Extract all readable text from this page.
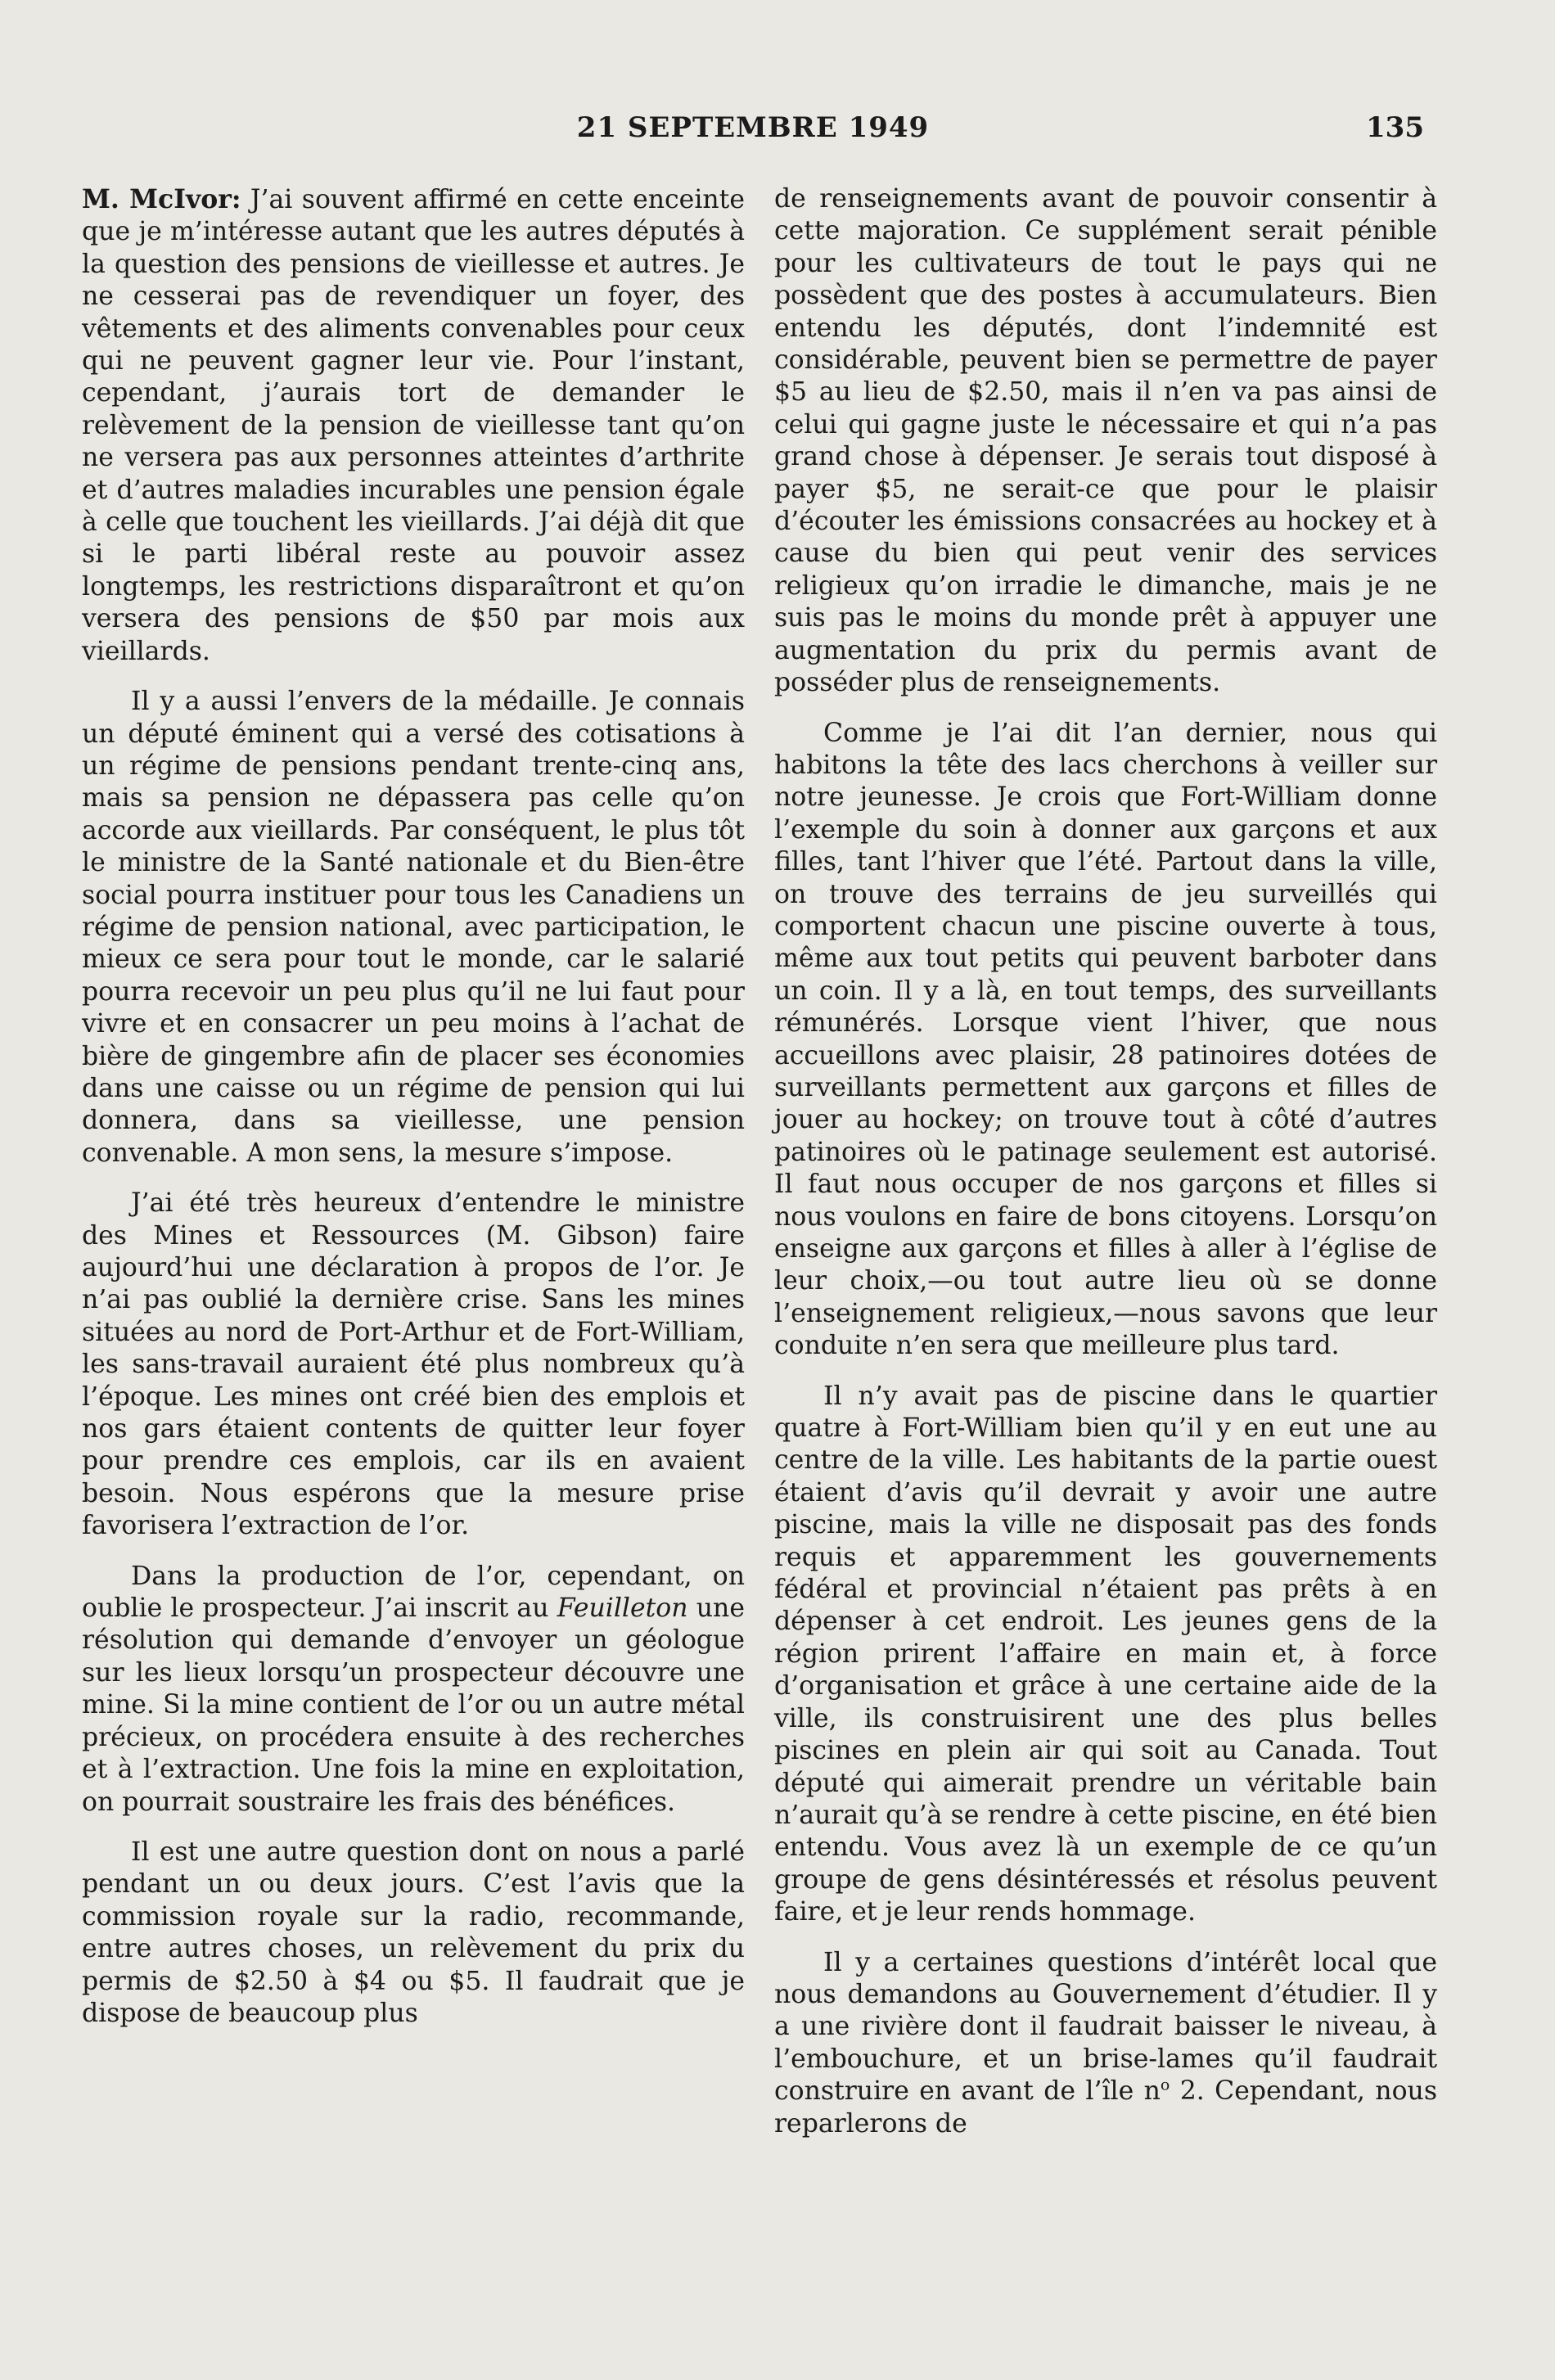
21 SEPTEMBRE 1949	135

M. McIvor: J’ai souvent affirmé en cette enceinte que je m’intéresse autant que les autres députés à la question des pensions de vieillesse et autres. Je ne cesserai pas de revendiquer un foyer, des vêtements et des aliments convenables pour ceux qui ne peuvent gagner leur vie. Pour l’instant, cependant, j’aurais tort de demander le relèvement de la pension de vieillesse tant qu’on ne versera pas aux personnes atteintes d’arthrite et d’autres maladies incurables une pension égale à celle que touchent les vieillards. J’ai déjà dit que si le parti libéral reste au pouvoir assez longtemps, les restrictions disparaîtront et qu’on versera des pensions de $50 par mois aux vieillards.

Il y a aussi l’envers de la médaille. Je connais un député éminent qui a versé des cotisations à un régime de pensions pendant trente-cinq ans, mais sa pension ne dépassera pas celle qu’on accorde aux vieillards. Par conséquent, le plus tôt le ministre de la Santé nationale et du Bien-être social pourra instituer pour tous les Canadiens un régime de pension national, avec participation, le mieux ce sera pour tout le monde, car le salarié pourra recevoir un peu plus qu’il ne lui faut pour vivre et en consacrer un peu moins à l’achat de bière de gingembre afin de placer ses économies dans une caisse ou un régime de pension qui lui donnera, dans sa vieillesse, une pension convenable. A mon sens, la mesure s’impose.

J’ai été très heureux d’entendre le ministre des Mines et Ressources (M. Gibson) faire aujourd’hui une déclaration à propos de l’or. Je n’ai pas oublié la dernière crise. Sans les mines situées au nord de Port-Arthur et de Fort-William, les sans-travail auraient été plus nombreux qu’à l’époque. Les mines ont créé bien des emplois et nos gars étaient contents de quitter leur foyer pour prendre ces emplois, car ils en avaient besoin. Nous espérons que la mesure prise favorisera l’extraction de l’or.

Dans la production de l’or, cependant, on oublie le prospecteur. J’ai inscrit au Feuilleton une résolution qui demande d’envoyer un géologue sur les lieux lorsqu’un prospecteur découvre une mine. Si la mine contient de l’or ou un autre métal précieux, on procédera ensuite à des recherches et à l’extraction. Une fois la mine en exploitation, on pourrait soustraire les frais des bénéfices.

Il est une autre question dont on nous a parlé pendant un ou deux jours. C’est l’avis que la commission royale sur la radio, recommande, entre autres choses, un relèvement du prix du permis de $2.50 à $4 ou $5. Il faudrait que je dispose de beaucoup plus

de renseignements avant de pouvoir consentir à cette majoration. Ce supplément serait pénible pour les cultivateurs de tout le pays qui ne possèdent que des postes à accumulateurs. Bien entendu les députés, dont l’indemnité est considérable, peuvent bien se permettre de payer $5 au lieu de $2.50, mais il n’en va pas ainsi de celui qui gagne juste le nécessaire et qui n’a pas grand chose à dépenser. Je serais tout disposé à payer $5, ne serait-ce que pour le plaisir d’écouter les émissions consacrées au hockey et à cause du bien qui peut venir des services religieux qu’on irradie le dimanche, mais je ne suis pas le moins du monde prêt à appuyer une augmentation du prix du permis avant de posséder plus de renseignements.

Comme je l’ai dit l’an dernier, nous qui habitons la tête des lacs cherchons à veiller sur notre jeunesse. Je crois que Fort-William donne l’exemple du soin à donner aux garçons et aux filles, tant l’hiver que l’été. Partout dans la ville, on trouve des terrains de jeu surveillés qui comportent chacun une piscine ouverte à tous, même aux tout petits qui peuvent barboter dans un coin. Il y a là, en tout temps, des surveillants rémunérés. Lorsque vient l’hiver, que nous accueillons avec plaisir, 28 patinoires dotées de surveillants permettent aux garçons et filles de jouer au hockey; on trouve tout à côté d’autres patinoires où le patinage seulement est autorisé. Il faut nous occuper de nos garçons et filles si nous voulons en faire de bons citoyens. Lorsqu’on enseigne aux garçons et filles à aller à l’église de leur choix,—ou tout autre lieu où se donne l’enseignement religieux,—nous savons que leur conduite n’en sera que meilleure plus tard.

Il n’y avait pas de piscine dans le quartier quatre à Fort-William bien qu’il y en eut une au centre de la ville. Les habitants de la partie ouest étaient d’avis qu’il devrait y avoir une autre piscine, mais la ville ne disposait pas des fonds requis et apparemment les gouvernements fédéral et provincial n’étaient pas prêts à en dépenser à cet endroit. Les jeunes gens de la région prirent l’affaire en main et, à force d’organisation et grâce à une certaine aide de la ville, ils construisirent une des plus belles piscines en plein air qui soit au Canada. Tout député qui aimerait prendre un véritable bain n’aurait qu’à se rendre à cette piscine, en été bien entendu. Vous avez là un exemple de ce qu’un groupe de gens désintéressés et résolus peuvent faire, et je leur rends hommage.

Il y a certaines questions d’intérêt local que nous demandons au Gouvernement d’étudier. Il y a une rivière dont il faudrait baisser le niveau, à l’embouchure, et un brise-lames qu’il faudrait construire en avant de l’île n$^o$ 2. Cependant, nous reparlerons de
